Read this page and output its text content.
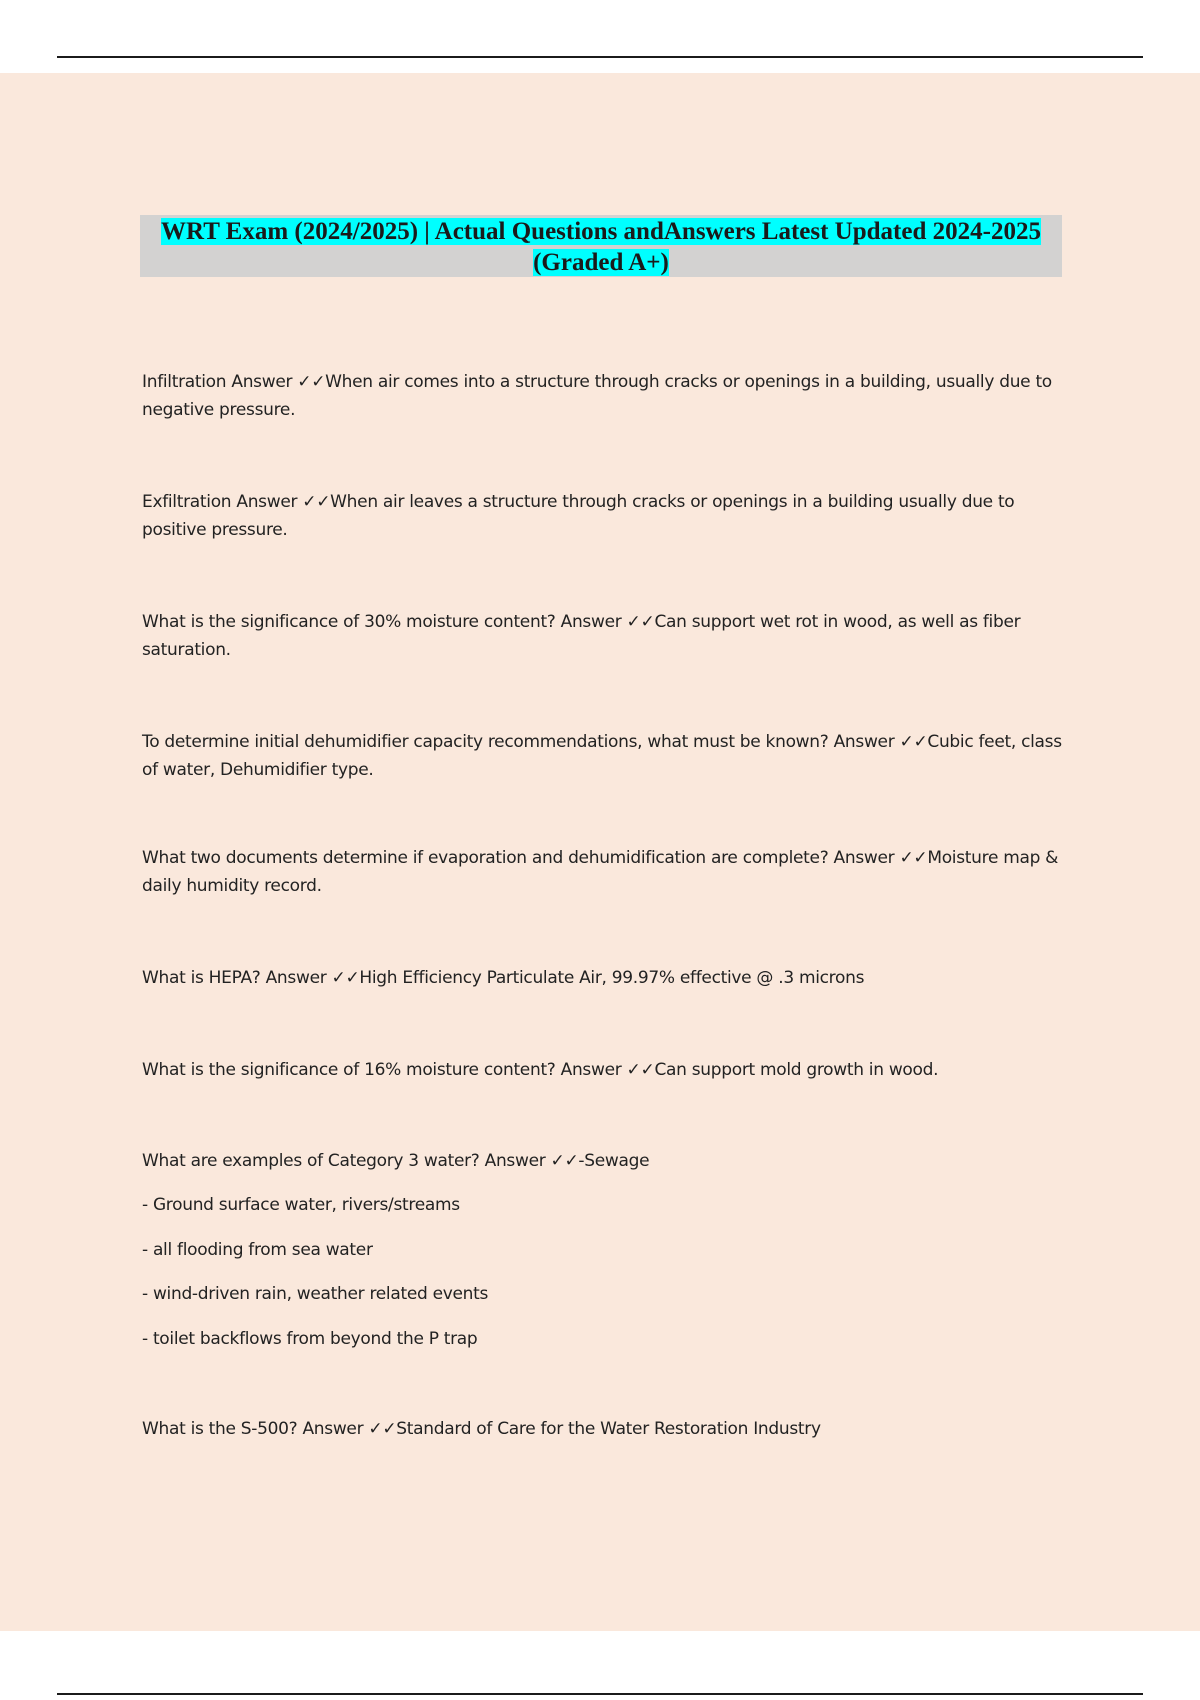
WRT Exam (2024/2025) | Actual Questions andAnswers Latest Updated 2024-2025 (Graded A+)
Infiltration Answer ✓✓When air comes into a structure through cracks or openings in a building, usually due to negative pressure.
Exfiltration Answer ✓✓When air leaves a structure through cracks or openings in a building usually due to positive pressure.
What is the significance of 30% moisture content? Answer ✓✓Can support wet rot in wood, as well as fiber saturation.
To determine initial dehumidifier capacity recommendations, what must be known? Answer ✓✓Cubic feet, class of water, Dehumidifier type.
What two documents determine if evaporation and dehumidification are complete? Answer ✓✓Moisture map & daily humidity record.
What is HEPA? Answer ✓✓High Efficiency Particulate Air, 99.97% effective @ .3 microns
What is the significance of 16% moisture content? Answer ✓✓Can support mold growth in wood.
What are examples of Category 3 water? Answer ✓✓-Sewage
- Ground surface water, rivers/streams
- all flooding from sea water
- wind-driven rain, weather related events
- toilet backflows from beyond the P trap
What is the S-500? Answer ✓✓Standard of Care for the Water Restoration Industry
